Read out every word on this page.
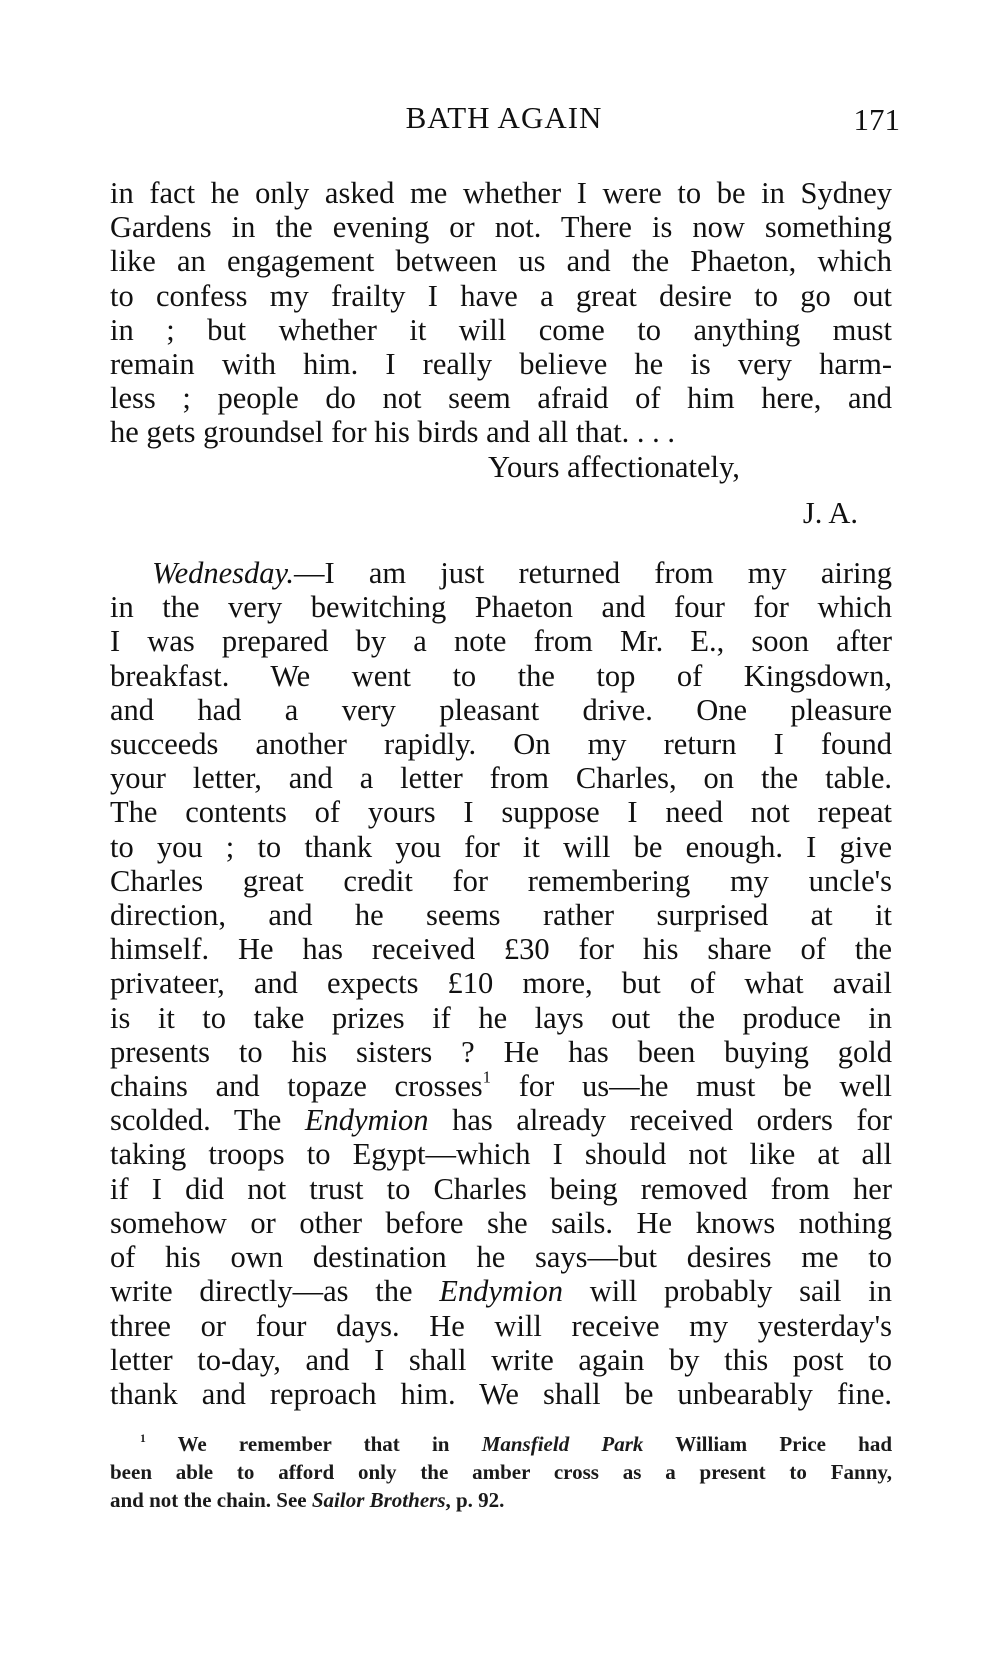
BATH AGAIN	171
in fact he only asked me whether I were to be in Sydney
Gardens in the evening or not. There is now something
like an engagement between us and the Phaeton, which
to confess my frailty I have a great desire to go out
in ; but whether it will come to anything must
remain with him. I really believe he is very harm-
less ; people do not seem afraid of him here, and
he gets groundsel for his birds and all that. . . .
Yours affectionately,
J. A.
Wednesday.—I am just returned from my airing
in the very bewitching Phaeton and four for which
I was prepared by a note from Mr. E., soon after
breakfast. We went to the top of Kingsdown,
and had a very pleasant drive. One pleasure
succeeds another rapidly. On my return I found
your letter, and a letter from Charles, on the table.
The contents of yours I suppose I need not repeat
to you ; to thank you for it will be enough. I give
Charles great credit for remembering my uncle's
direction, and he seems rather surprised at it
himself. He has received £30 for his share of the
privateer, and expects £10 more, but of what avail
is it to take prizes if he lays out the produce in
presents to his sisters ? He has been buying gold
chains and topaze crosses$^1$ for us—he must be well
scolded. The Endymion has already received orders for
taking troops to Egypt—which I should not like at all
if I did not trust to Charles being removed from her
somehow or other before she sails. He knows nothing
of his own destination he says—but desires me to
write directly—as the Endymion will probably sail in
three or four days. He will receive my yesterday's
letter to-day, and I shall write again by this post to
thank and reproach him. We shall be unbearably fine.
$^1$ We remember that in Mansfield Park William Price had
been able to afford only the amber cross as a present to Fanny,
and not the chain. See Sailor Brothers, p. 92.
